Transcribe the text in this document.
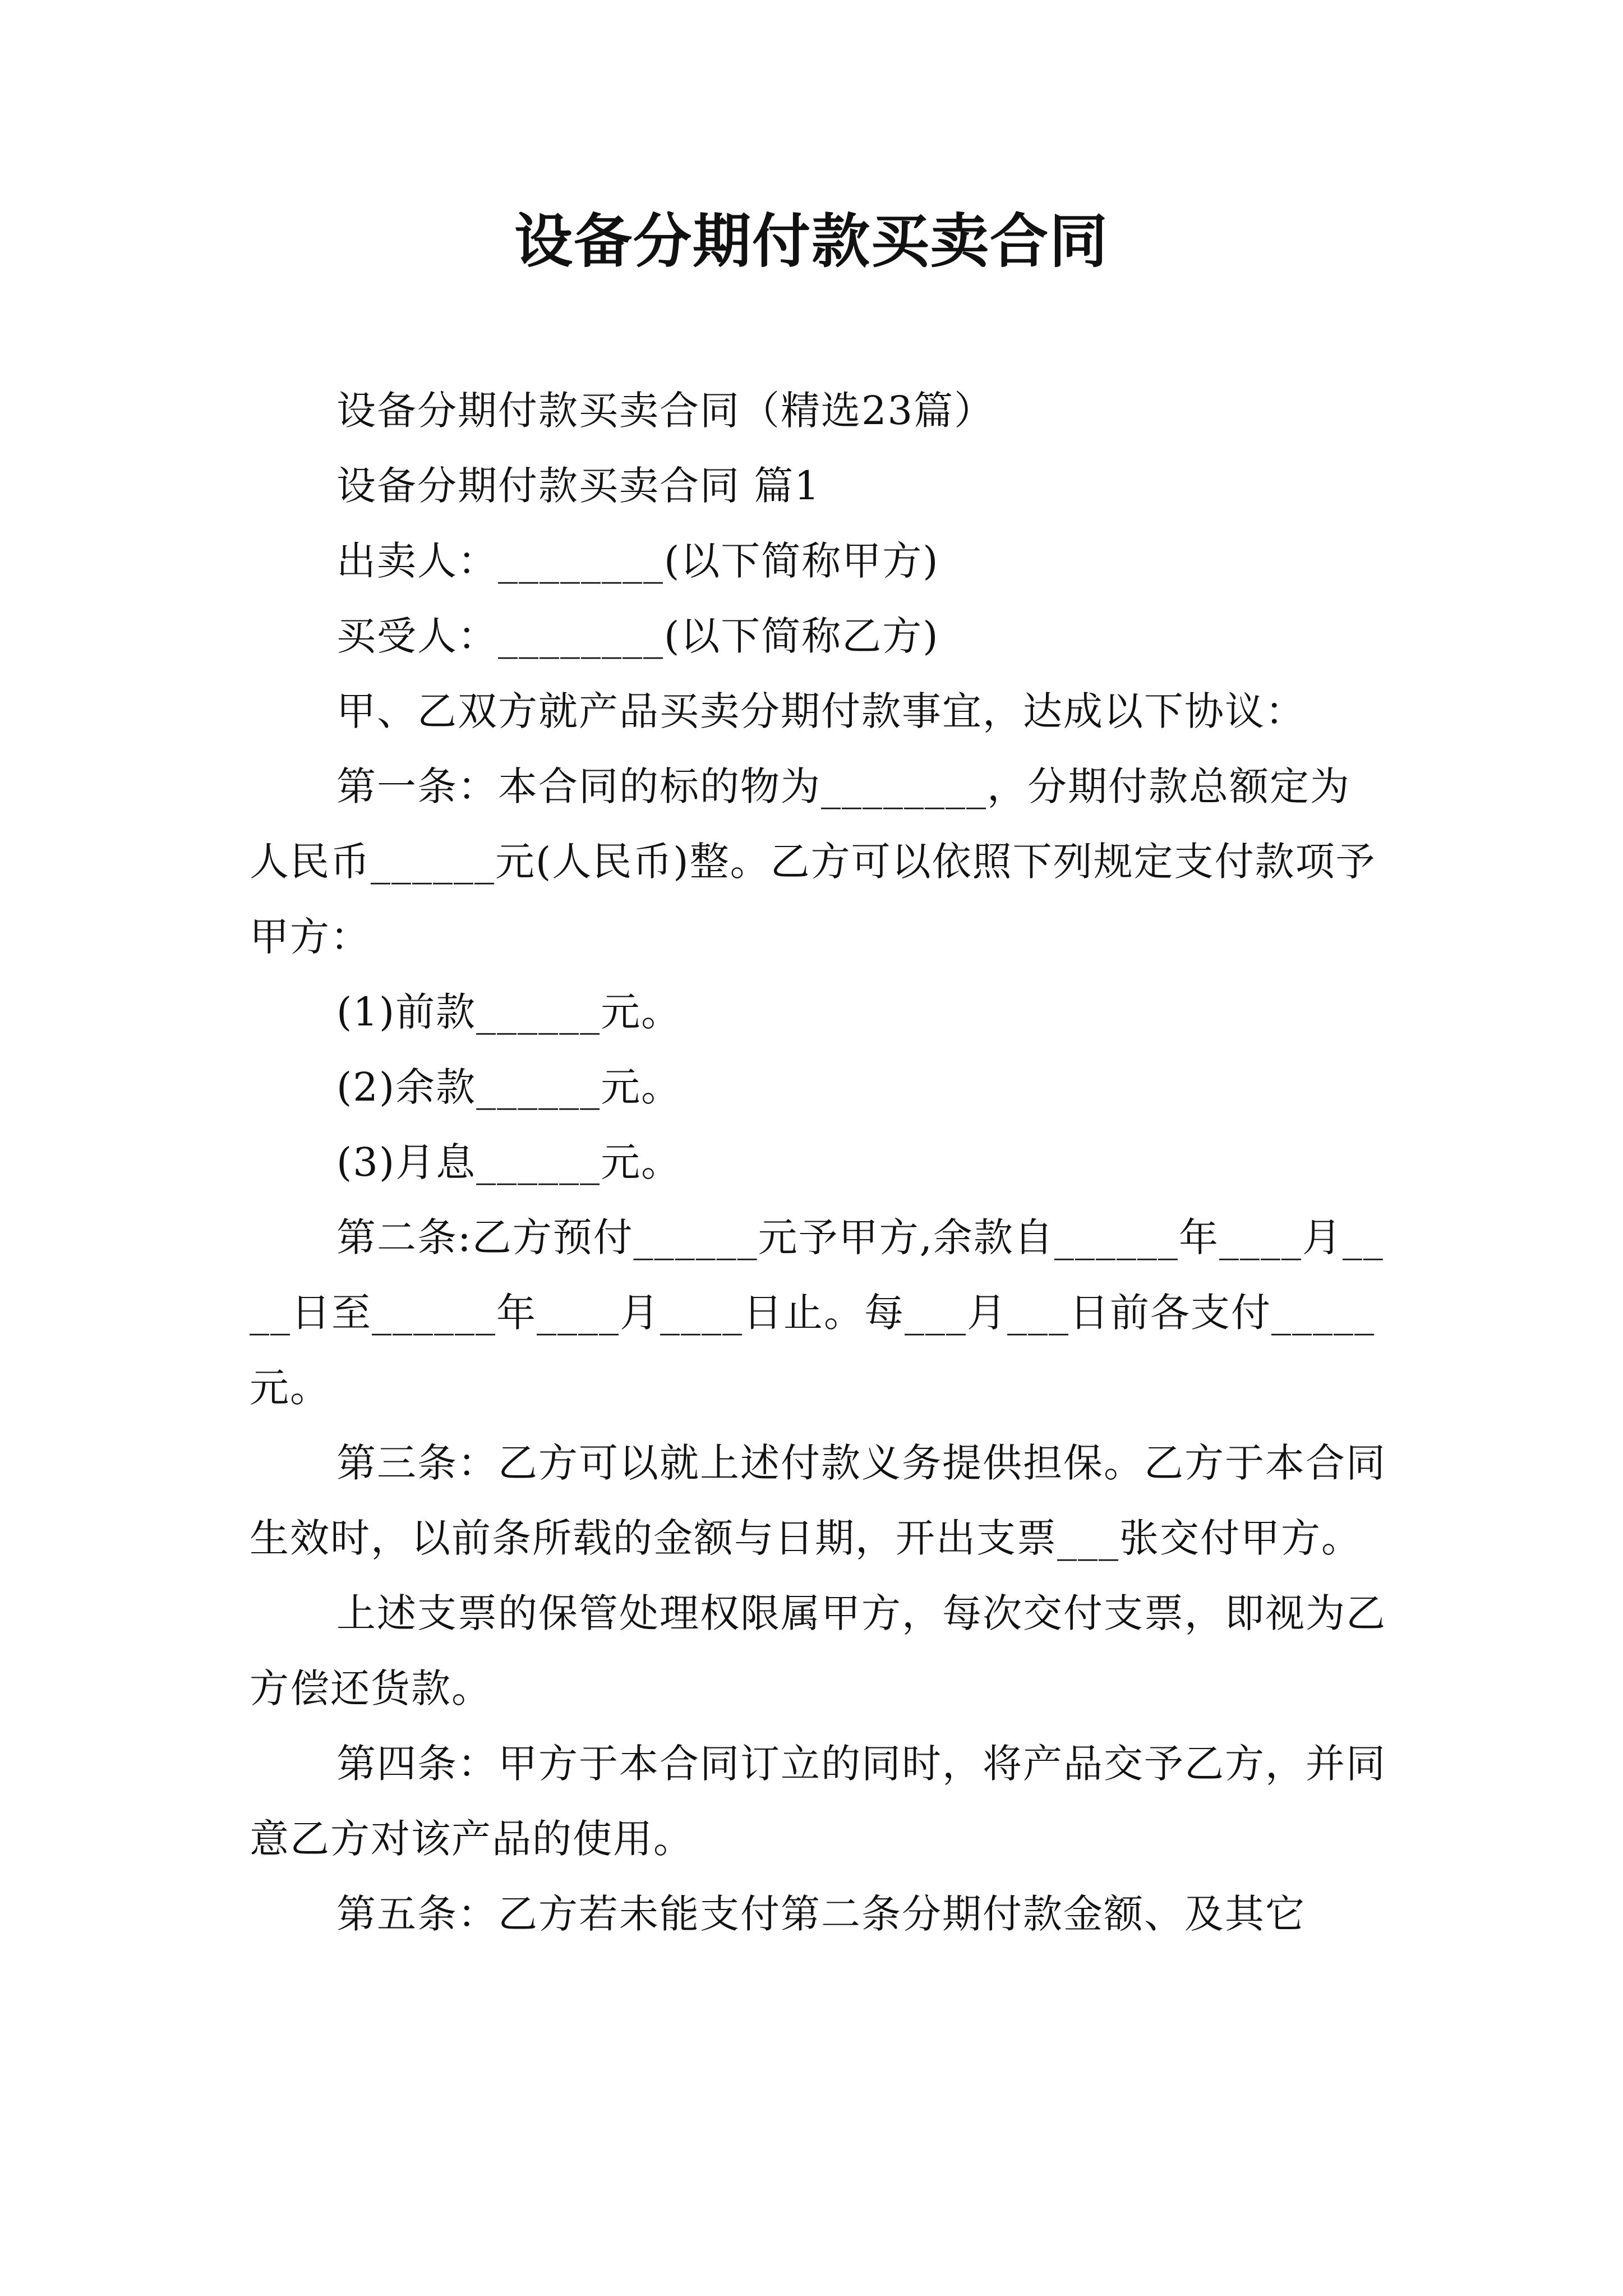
设备分期付款买卖合同

设备分期付款买卖合同（精选23篇）

设备分期付款买卖合同 篇1

出卖人：________(以下简称甲方)

买受人：________(以下简称乙方)

甲、乙双方就产品买卖分期付款事宜，达成以下协议：

第一条：本合同的标的物为________，分期付款总额定为人民币______元(人民币)整。乙方可以依照下列规定支付款项予甲方：

(1)前款______元。

(2)余款______元。

(3)月息______元。

第二条:乙方预付______元予甲方,余款自______年____月____日至______年____月____日止。每___月___日前各支付_____元。

第三条：乙方可以就上述付款义务提供担保。乙方于本合同生效时，以前条所载的金额与日期，开出支票___张交付甲方。

上述支票的保管处理权限属甲方，每次交付支票，即视为乙方偿还货款。

第四条：甲方于本合同订立的同时，将产品交予乙方，并同意乙方对该产品的使用。

第五条：乙方若未能支付第二条分期付款金额、及其它
